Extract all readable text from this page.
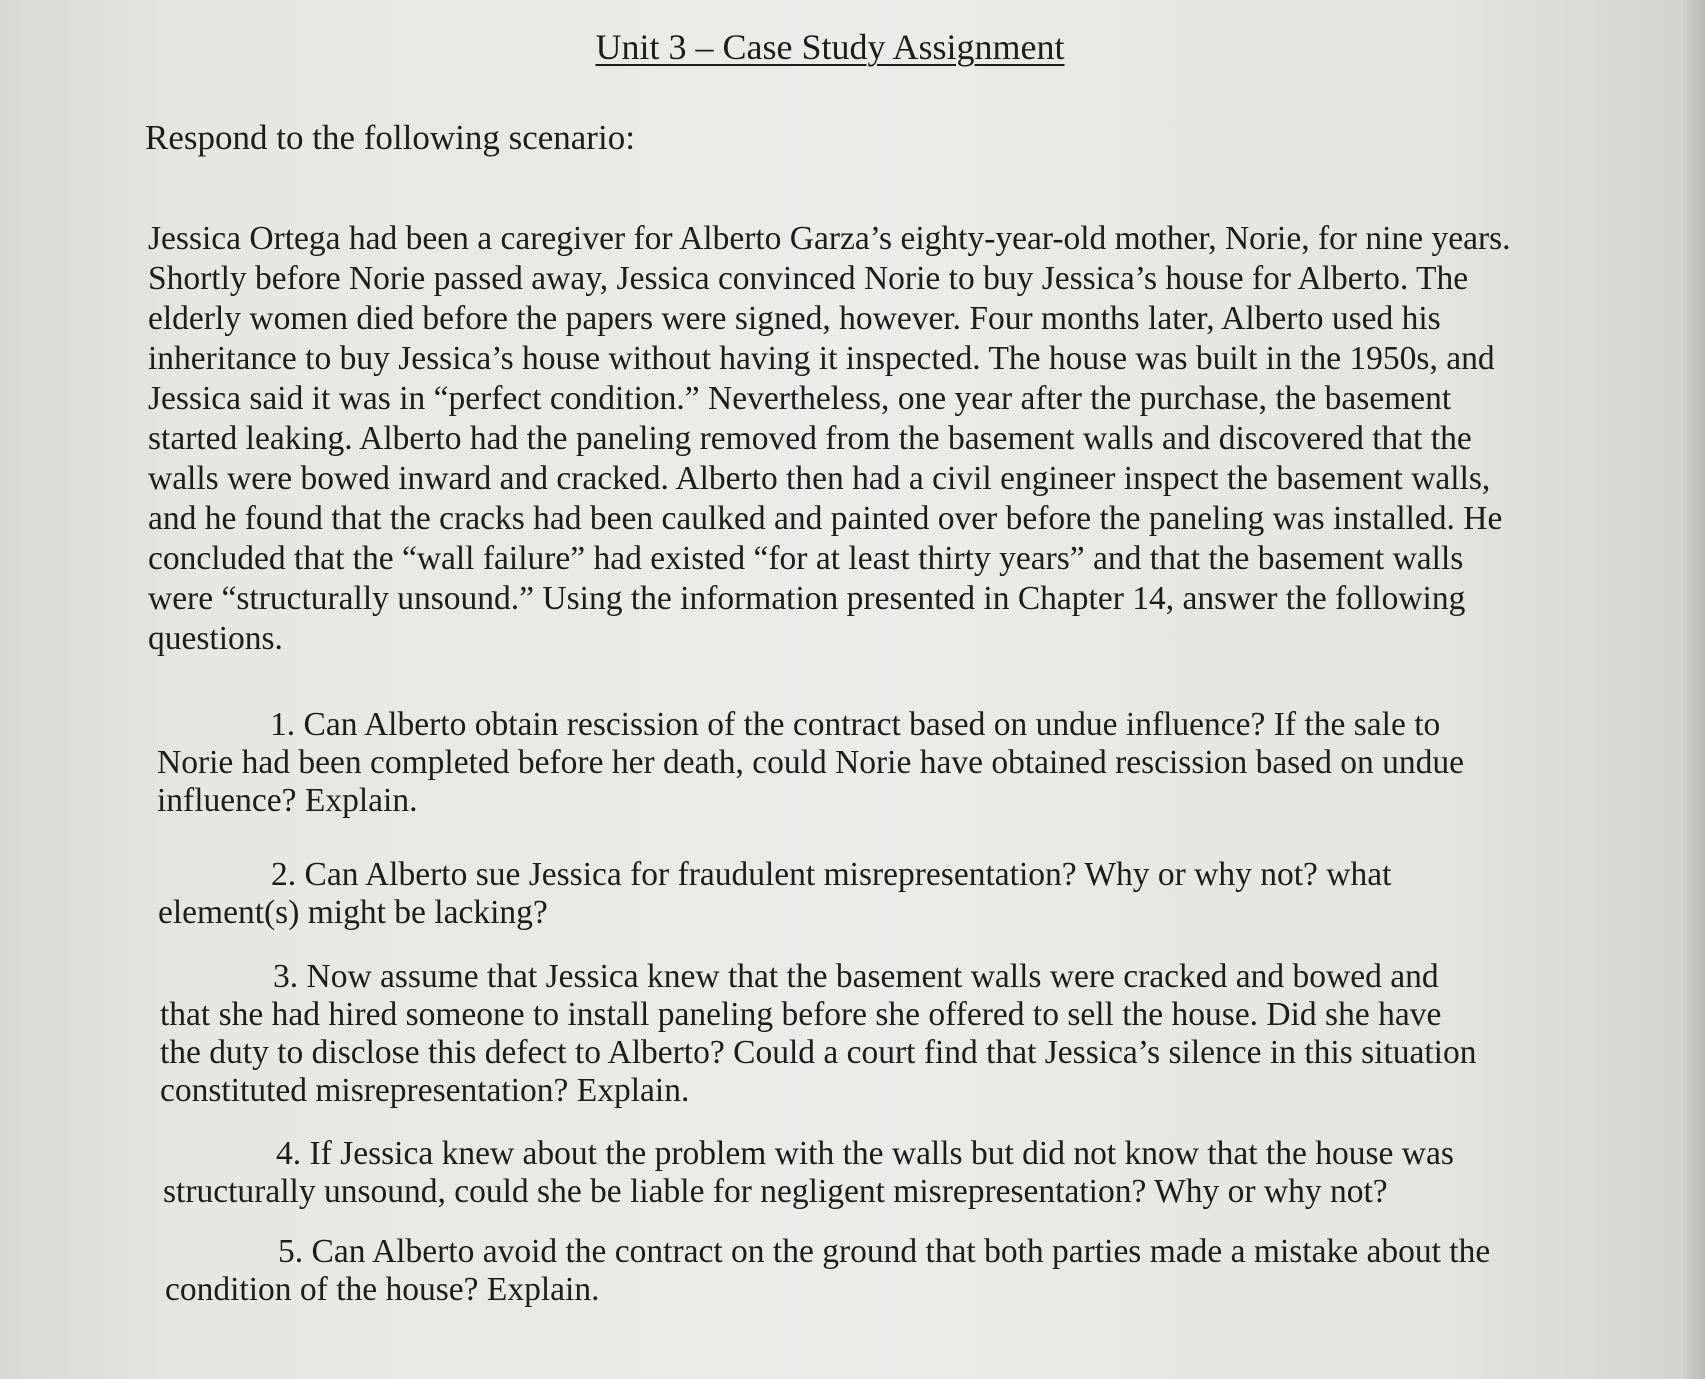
Unit 3 – Case Study Assignment
Respond to the following scenario:

Jessica Ortega had been a caregiver for Alberto Garza’s eighty-year-old mother, Norie, for nine years. Shortly before Norie passed away, Jessica convinced Norie to buy Jessica’s house for Alberto. The elderly women died before the papers were signed, however. Four months later, Alberto used his inheritance to buy Jessica’s house without having it inspected. The house was built in the 1950s, and Jessica said it was in “perfect condition.” Nevertheless, one year after the purchase, the basement started leaking. Alberto had the paneling removed from the basement walls and discovered that the walls were bowed inward and cracked. Alberto then had a civil engineer inspect the basement walls, and he found that the cracks had been caulked and painted over before the paneling was installed. He concluded that the “wall failure” had existed “for at least thirty years” and that the basement walls were “structurally unsound.” Using the information presented in Chapter 14, answer the following questions.

1. Can Alberto obtain rescission of the contract based on undue influence? If the sale to Norie had been completed before her death, could Norie have obtained rescission based on undue influence? Explain.

2. Can Alberto sue Jessica for fraudulent misrepresentation? Why or why not? what element(s) might be lacking?

3. Now assume that Jessica knew that the basement walls were cracked and bowed and that she had hired someone to install paneling before she offered to sell the house. Did she have the duty to disclose this defect to Alberto? Could a court find that Jessica’s silence in this situation constituted misrepresentation? Explain.

4. If Jessica knew about the problem with the walls but did not know that the house was structurally unsound, could she be liable for negligent misrepresentation? Why or why not?

5. Can Alberto avoid the contract on the ground that both parties made a mistake about the condition of the house? Explain.
